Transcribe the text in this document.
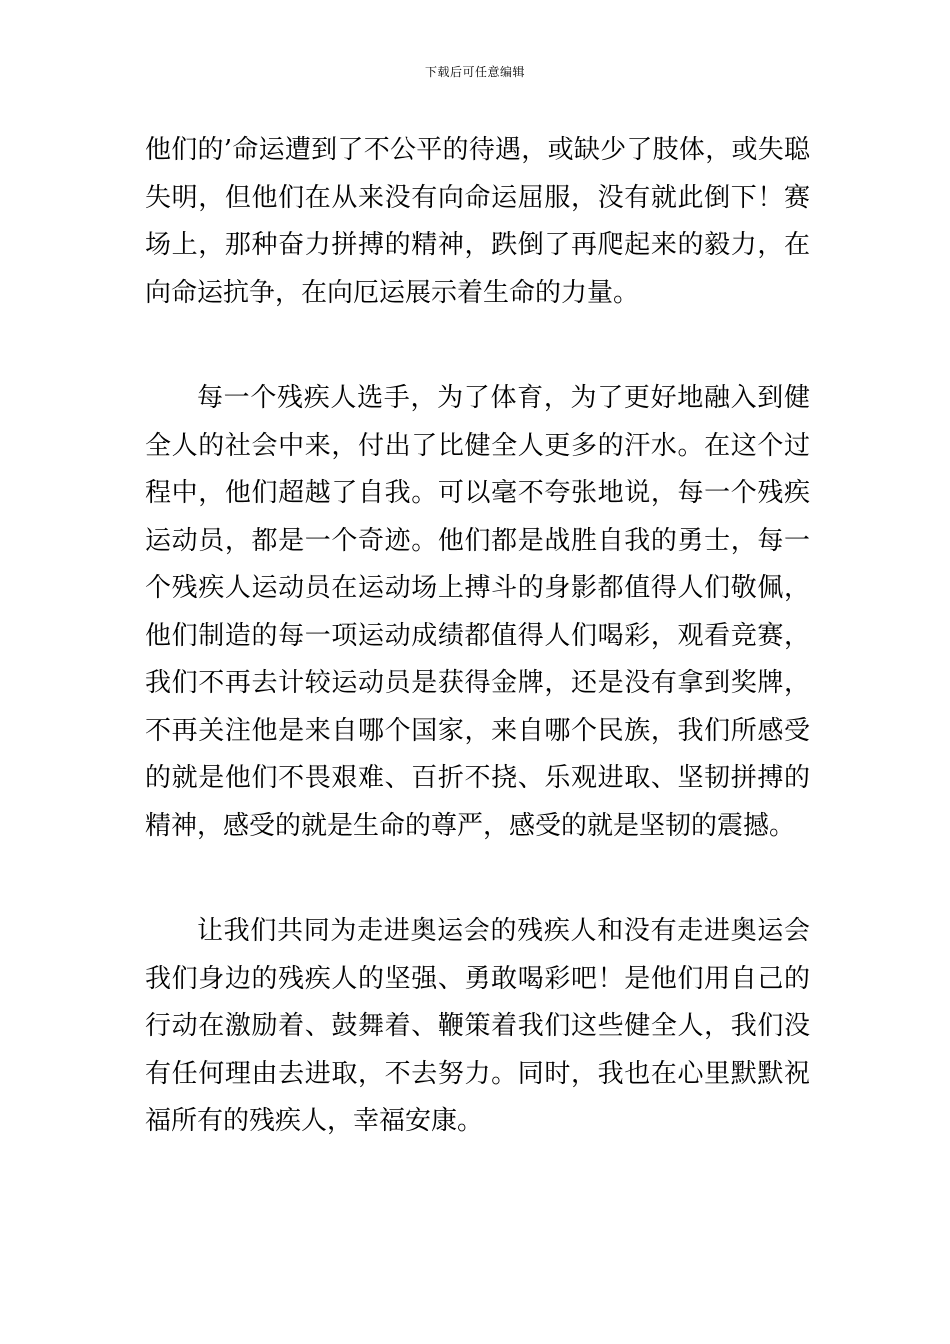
下载后可任意编辑

他们的’命运遭到了不公平的待遇，或缺少了肢体，或失聪失明，但他们在从来没有向命运屈服，没有就此倒下！赛场上，那种奋力拼搏的精神，跌倒了再爬起来的毅力，在向命运抗争，在向厄运展示着生命的力量。

每一个残疾人选手，为了体育，为了更好地融入到健全人的社会中来，付出了比健全人更多的汗水。在这个过程中，他们超越了自我。可以毫不夸张地说，每一个残疾运动员，都是一个奇迹。他们都是战胜自我的勇士，每一个残疾人运动员在运动场上搏斗的身影都值得人们敬佩，他们制造的每一项运动成绩都值得人们喝彩，观看竞赛，我们不再去计较运动员是获得金牌，还是没有拿到奖牌，不再关注他是来自哪个国家，来自哪个民族，我们所感受的就是他们不畏艰难、百折不挠、乐观进取、坚韧拼搏的精神，感受的就是生命的尊严，感受的就是坚韧的震撼。

让我们共同为走进奥运会的残疾人和没有走进奥运会我们身边的残疾人的坚强、勇敢喝彩吧！是他们用自己的行动在激励着、鼓舞着、鞭策着我们这些健全人，我们没有任何理由去进取，不去努力。同时，我也在心里默默祝福所有的残疾人，幸福安康。
